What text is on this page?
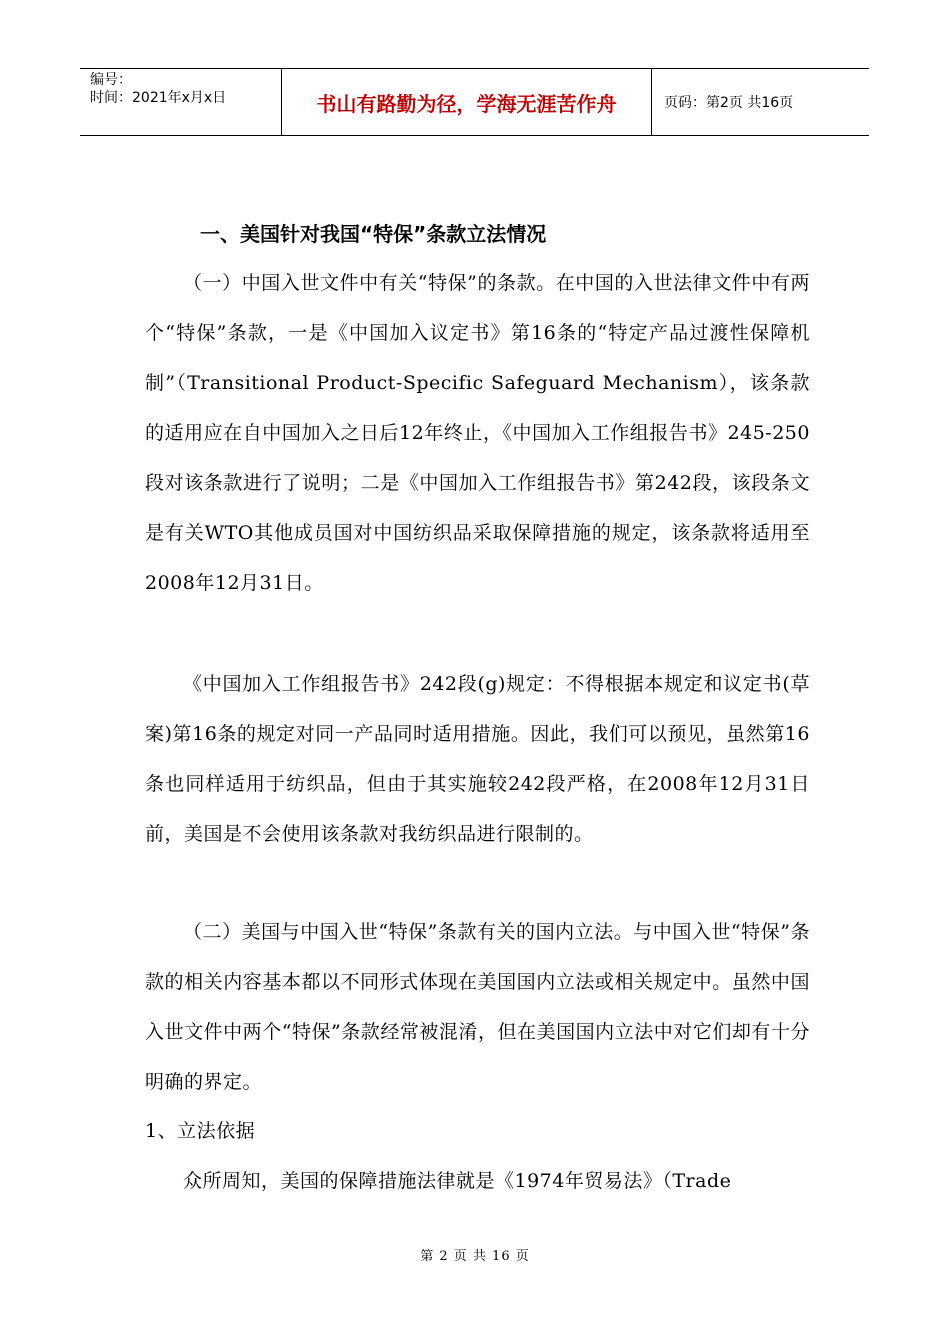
编号：
时间：2021年x月x日	书山有路勤为径，学海无涯苦作舟	页码：第2页 共16页
一、美国针对我国“特保”条款立法情况
（一）中国入世文件中有关“特保”的条款。在中国的入世法律文件中有两个“特保”条款，一是《中国加入议定书》第16条的“特定产品过渡性保障机制”（Transitional Product-Specific Safeguard Mechanism），该条款的适用应在自中国加入之日后12年终止，《中国加入工作组报告书》245-250段对该条款进行了说明；二是《中国加入工作组报告书》第242段，该段条文是有关WTO其他成员国对中国纺织品采取保障措施的规定，该条款将适用至2008年12月31日。
《中国加入工作组报告书》242段(g)规定：不得根据本规定和议定书(草案)第16条的规定对同一产品同时适用措施。因此，我们可以预见，虽然第16条也同样适用于纺织品，但由于其实施较242段严格，在2008年12月31日前，美国是不会使用该条款对我纺织品进行限制的。
（二）美国与中国入世“特保”条款有关的国内立法。与中国入世“特保”条款的相关内容基本都以不同形式体现在美国国内立法或相关规定中。虽然中国入世文件中两个“特保”条款经常被混淆，但在美国国内立法中对它们却有十分明确的界定。
1、立法依据
众所周知，美国的保障措施法律就是《1974年贸易法》（Trade
第 2 页 共 16 页
